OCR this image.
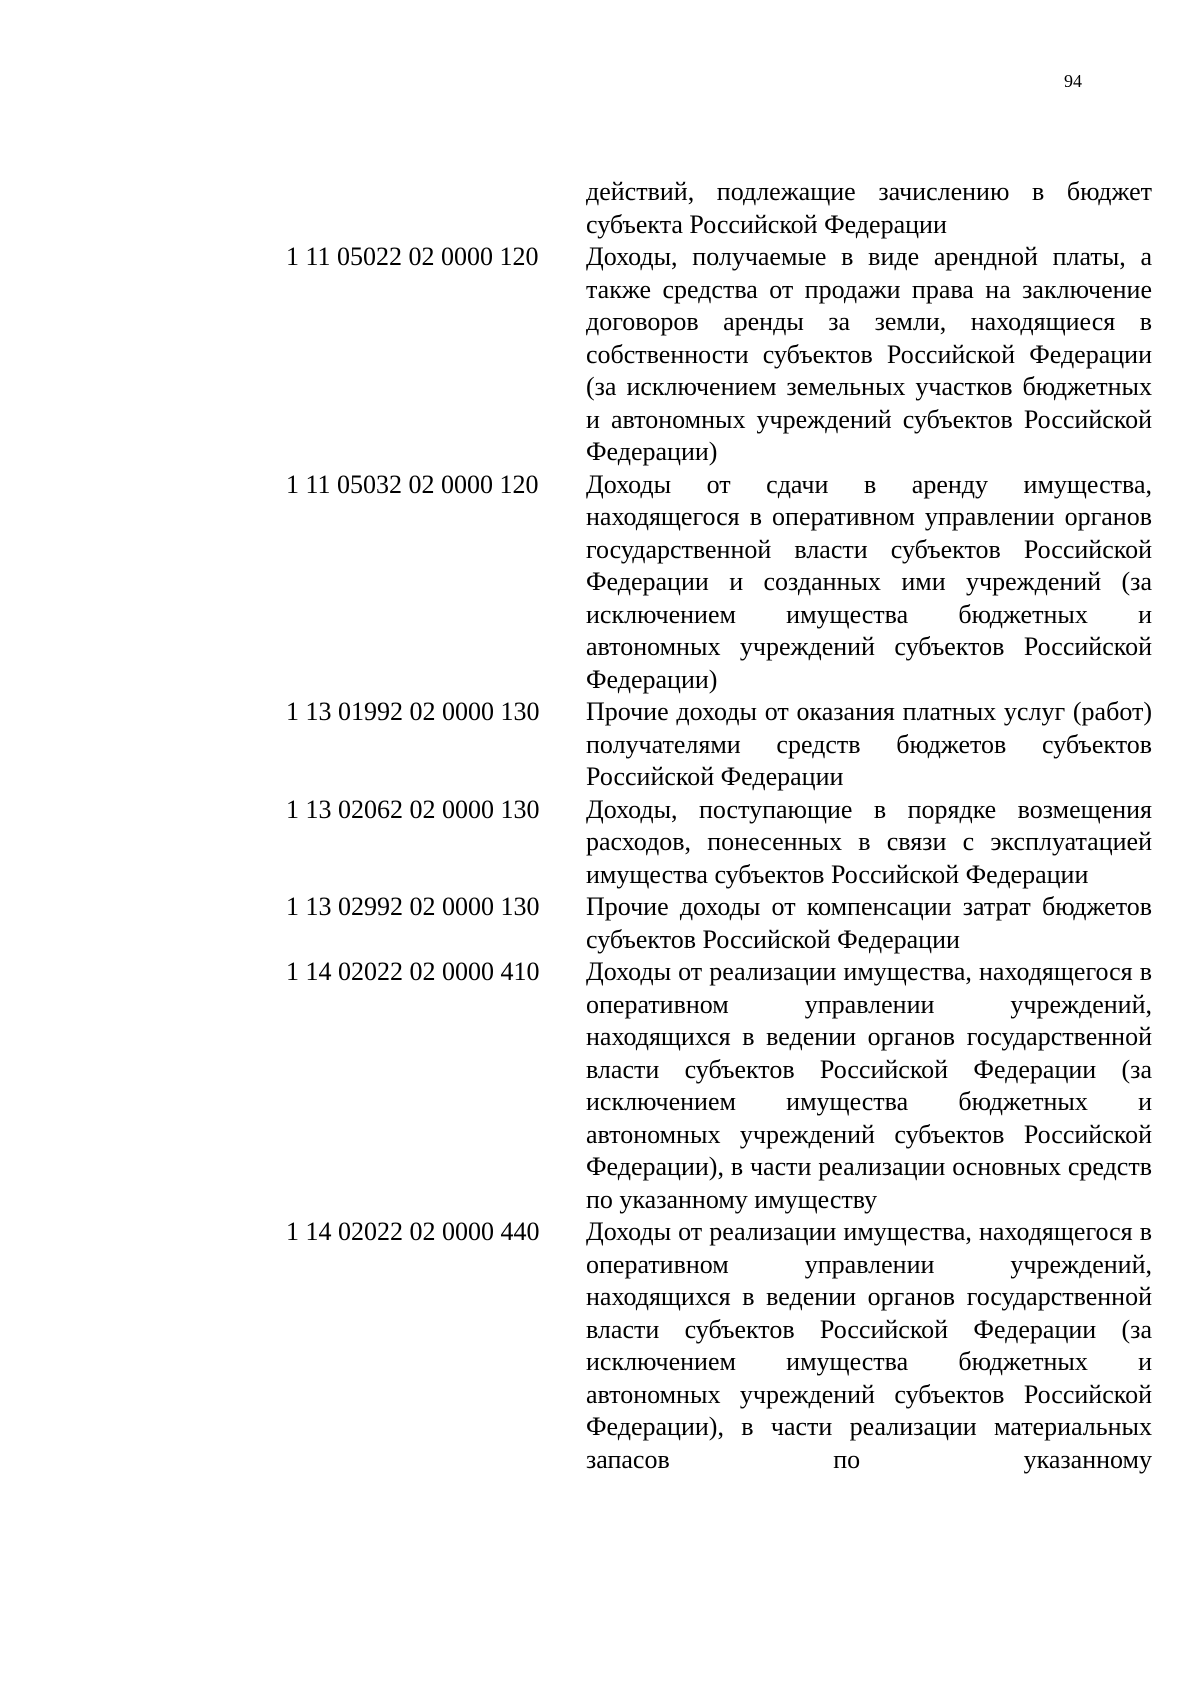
94
действий, подлежащие зачислению в бюджет субъекта Российской Федерации
1 11 05022 02 0000 120	Доходы, получаемые в виде арендной платы, а также средства от продажи права на заключение договоров аренды за земли, находящиеся в собственности субъектов Российской Федерации (за исключением земельных участков бюджетных и автономных учреждений субъектов Российской Федерации)
1 11 05032 02 0000 120	Доходы от сдачи в аренду имущества, находящегося в оперативном управлении органов государственной власти субъектов Российской Федерации и созданных ими учреждений (за исключением имущества бюджетных и автономных учреждений субъектов Российской Федерации)
1 13 01992 02 0000 130	Прочие доходы от оказания платных услуг (работ) получателями средств бюджетов субъектов Российской Федерации
1 13 02062 02 0000 130	Доходы, поступающие в порядке возмещения расходов, понесенных в связи с эксплуатацией имущества субъектов Российской Федерации
1 13 02992 02 0000 130	Прочие доходы от компенсации затрат бюджетов субъектов Российской Федерации
1 14 02022 02 0000 410	Доходы от реализации имущества, находящегося в оперативном управлении учреждений, находящихся в ведении органов государственной власти субъектов Российской Федерации (за исключением имущества бюджетных и автономных учреждений субъектов Российской Федерации), в части реализации основных средств по указанному имуществу
1 14 02022 02 0000 440	Доходы от реализации имущества, находящегося в оперативном управлении учреждений, находящихся в ведении органов государственной власти субъектов Российской Федерации (за исключением имущества бюджетных и автономных учреждений субъектов Российской Федерации), в части реализации материальных запасов по указанному
